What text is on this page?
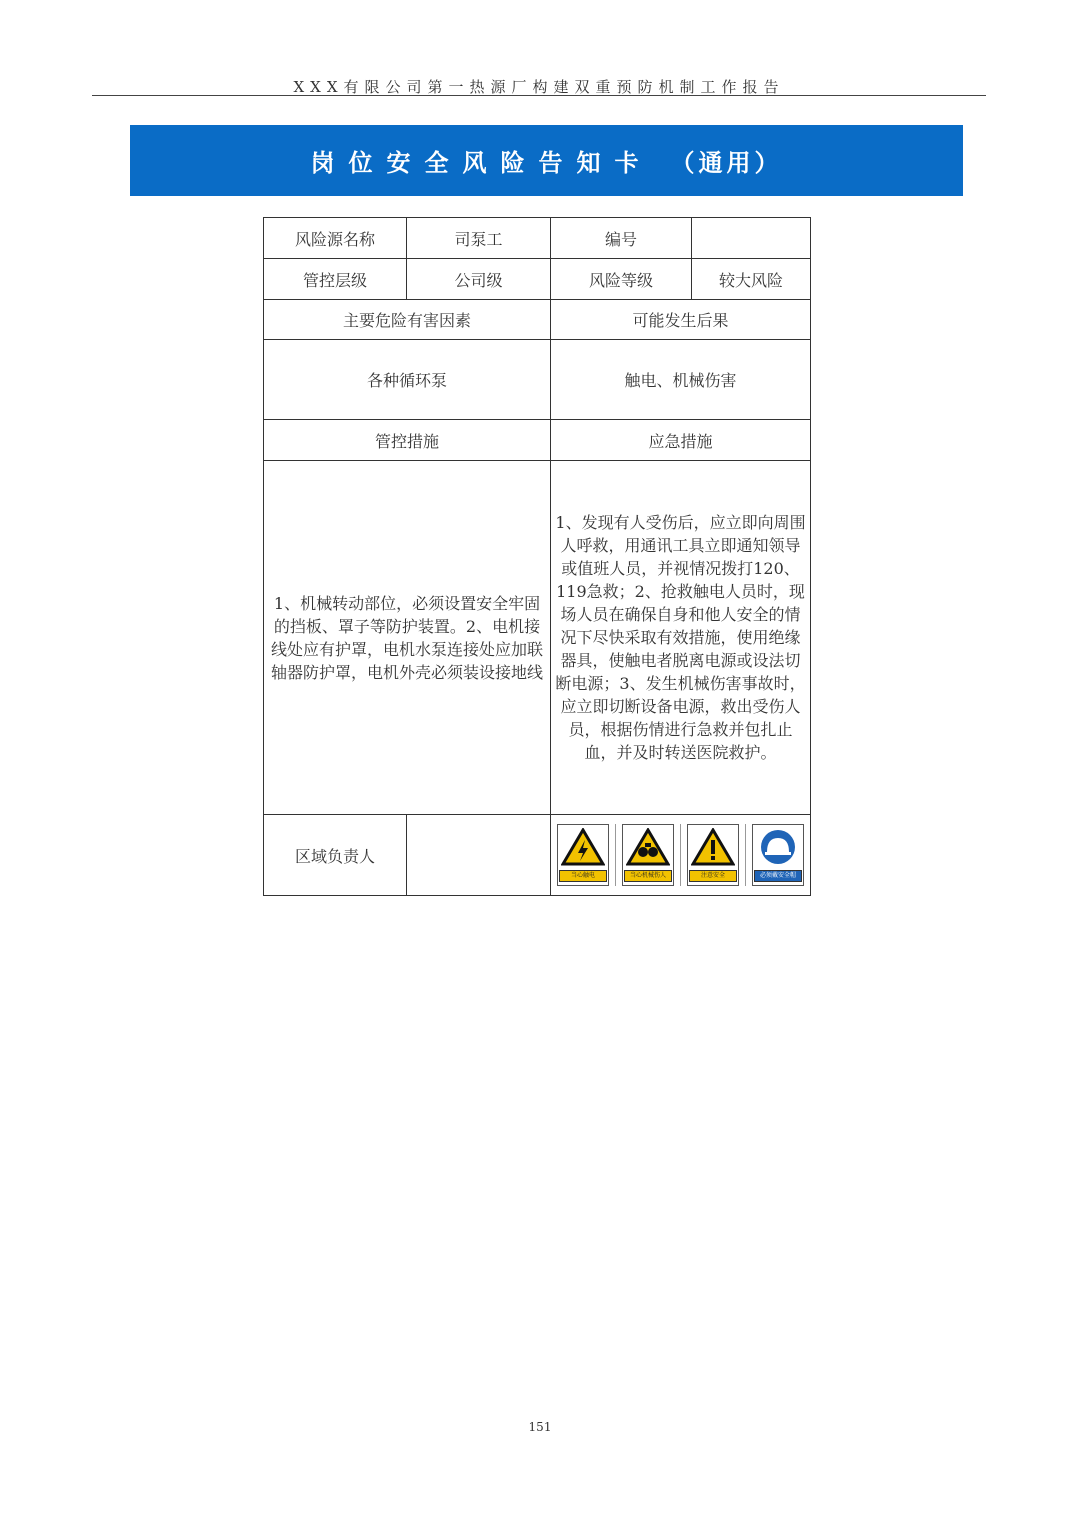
XXX有限公司第一热源厂构建双重预防机制工作报告
岗位安全风险告知卡 （通用）
风险源名称	司泵工	编号	
管控层级	公司级	风险等级	较大风险
主要危险有害因素		可能发生后果	
各种循环泵		触电、机械伤害	
管控措施		应急措施	
1、机械转动部位，必须设置安全牢固的挡板、罩子等防护装置。2、电机接线处应有护罩，电机水泵连接处应加联轴器防护罩，电机外壳必须装设接地线		1、发现有人受伤后，应立即向周围人呼救，用通讯工具立即通知领导或值班人员，并视情况拨打120、119急救；2、抢救触电人员时，现场人员在确保自身和他人安全的情况下尽快采取有效措施，使用绝缘器具，使触电者脱离电源或设法切断电源；3、发生机械伤害事故时，应立即切断设备电源，救出受伤人员，根据伤情进行急救并包扎止血，并及时转送医院救护。	
区域负责人		当心触电 当心机械伤人 注意安全 必须戴安全帽	
151
